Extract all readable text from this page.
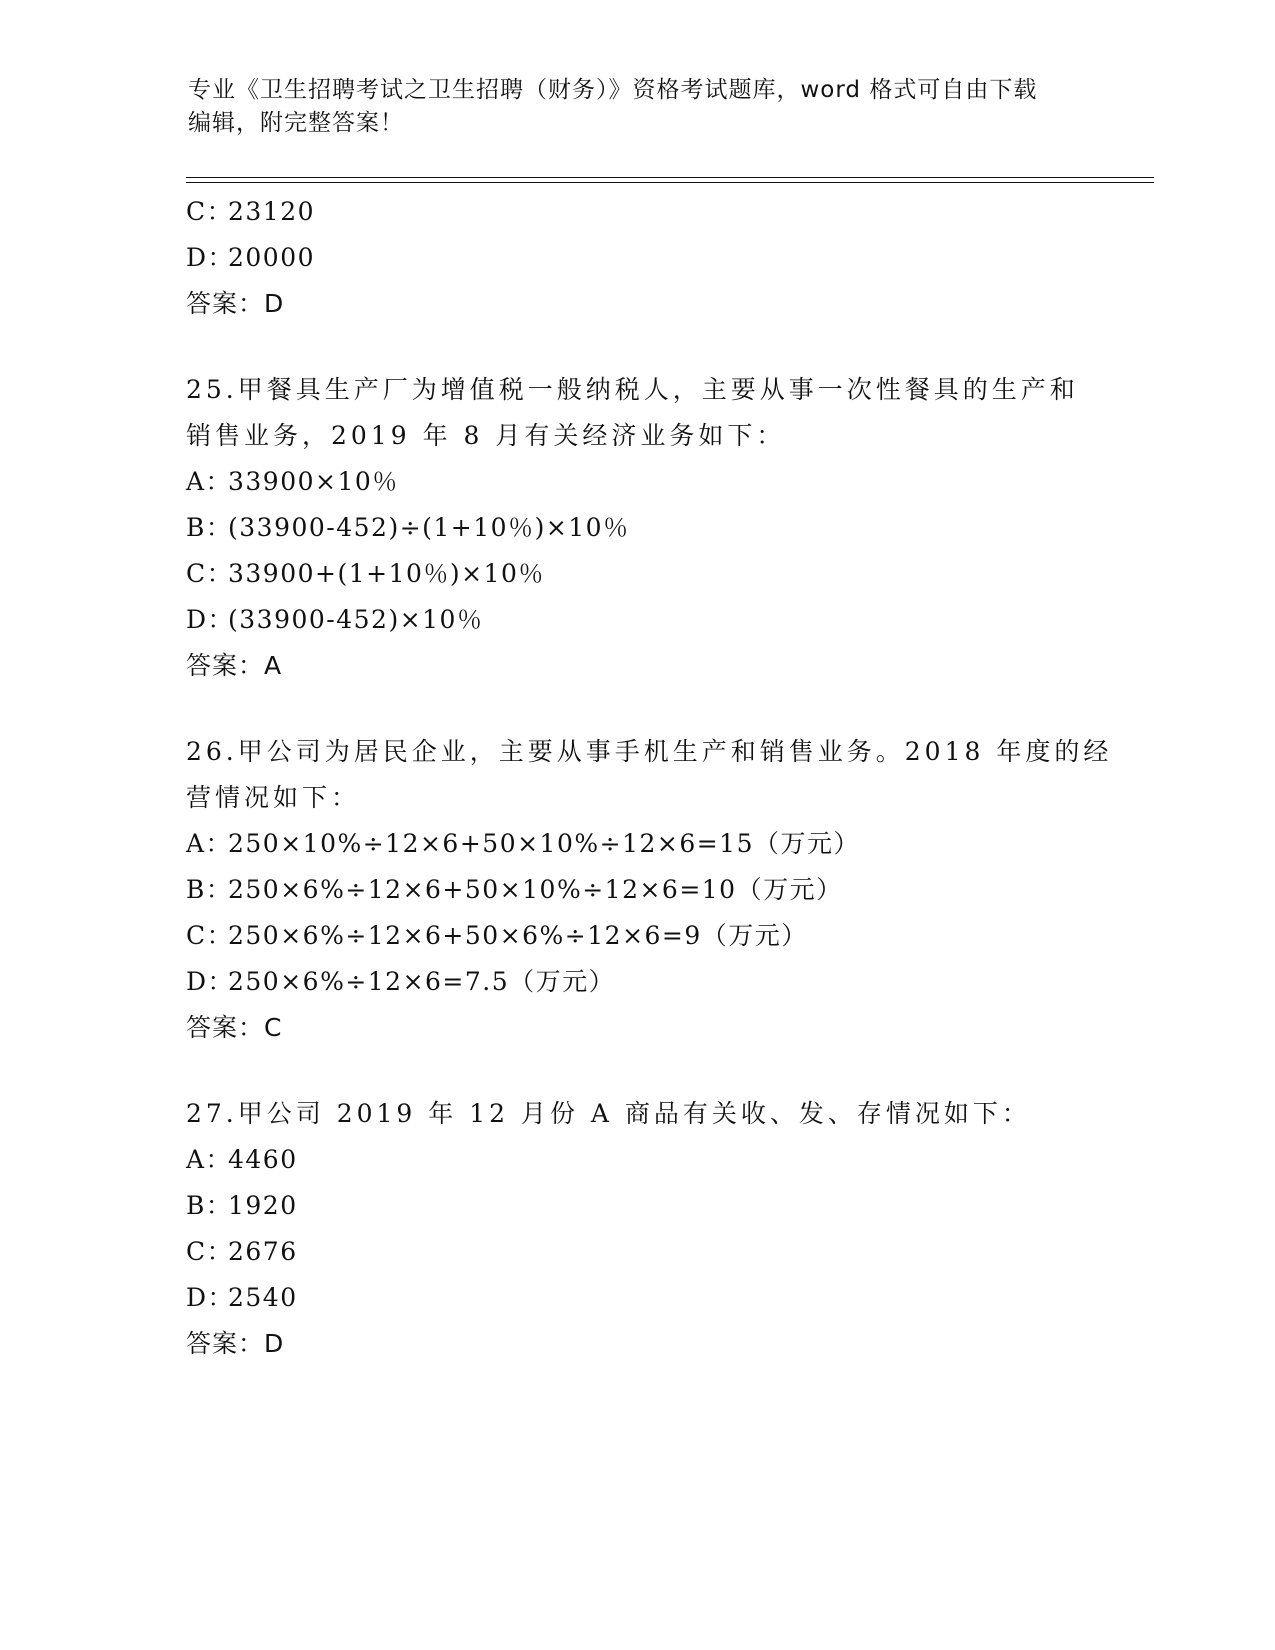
专业《卫生招聘考试之卫生招聘（财务）》资格考试题库，word 格式可自由下载
编辑，附完整答案！
C：23120
D：20000
答案：D
25.甲餐具生产厂为增值税一般纳税人，主要从事一次性餐具的生产和
销售业务，2019 年 8 月有关经济业务如下：
A：33900×10％
B：(33900-452)÷(1+10％)×10％
C：33900+(1+10％)×10％
D：(33900-452)×10％
答案：A
26.甲公司为居民企业，主要从事手机生产和销售业务。2018 年度的经
营情况如下：
A：250×10%÷12×6+50×10%÷12×6=15（万元）
B：250×6%÷12×6+50×10%÷12×6=10（万元）
C：250×6%÷12×6+50×6%÷12×6=9（万元）
D：250×6%÷12×6=7.5（万元）
答案：C
27.甲公司 2019 年 12 月份 A 商品有关收、发、存情况如下：
A：4460
B：1920
C：2676
D：2540
答案：D
